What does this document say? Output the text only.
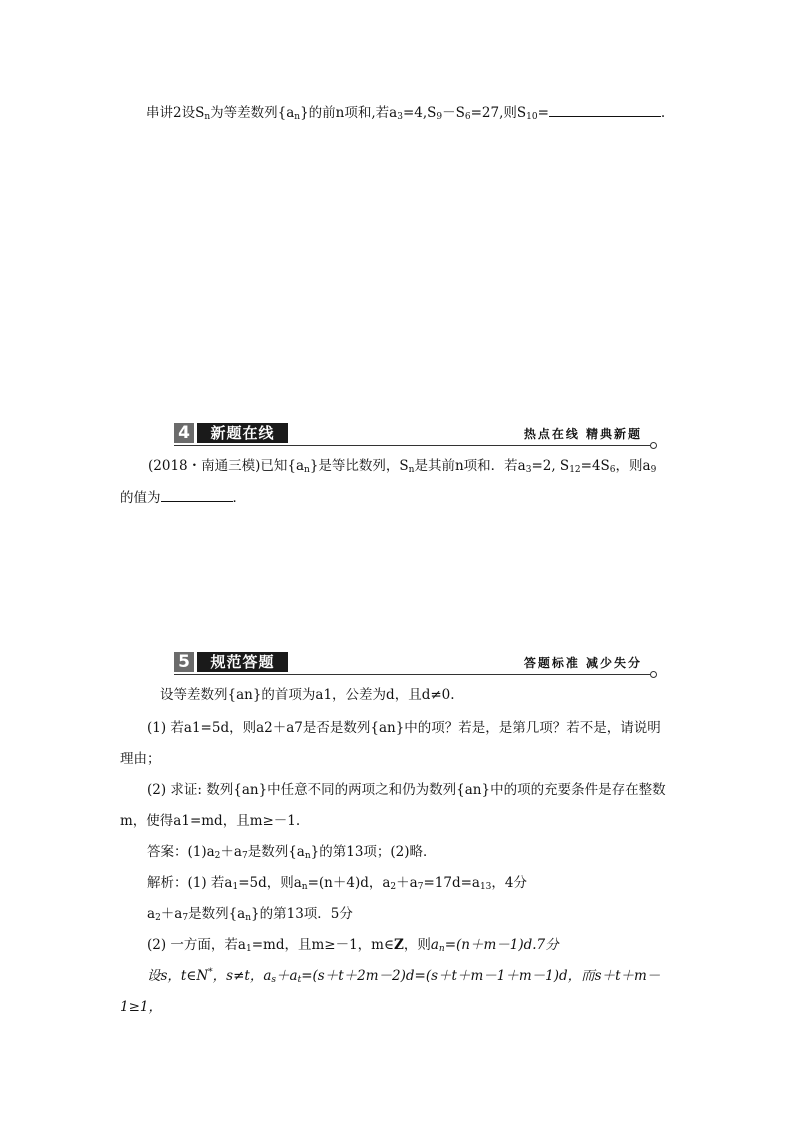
串讲2设$S_n$为等差数列$\{a_n\}$的前n项和,若$a_3=4,S_9-S_6=27$,则$S_{10}=$	.
4	新题在线	热点在线 精典新题
(2018・南通三模)已知$\{a_n\}$是等比数列，$S_n$是其前n项和．若$a_3=2$, $S_{12}=4S_6$，则$a_9$
的值为	．
5	规范答题	答题标准 减少失分
设等差数列{an}的首项为a1，公差为d，且d≠0.
(1) 若a1=5d，则a2＋a7是否是数列{an}中的项？若是，是第几项？若不是，请说明
理由；
(2) 求证: 数列{an}中任意不同的两项之和仍为数列{an}中的项的充要条件是存在整数
m，使得a1=md，且m≥－1.
答案：$(1)a_2+a_7$是数列$\{a_n\}$的第13项；(2)略．
解析：(1) 若$a_1=5d$，则$a_n=(n+4)d$，$a_2+a_7=17d=a_{13}$，4分
$a_2+a_7$是数列$\{a_n\}$的第13项．5分
(2) 一方面，若$a_1=md$，且m≥－1，m∈Z，则$a_n=(n+m-1)d.7$分
设s，t∈N*，s≠t，$a_s+a_t=(s+t+2m-2)d=(s+t+m-1+m-1)d$，而s＋t＋m－
1≥1，
